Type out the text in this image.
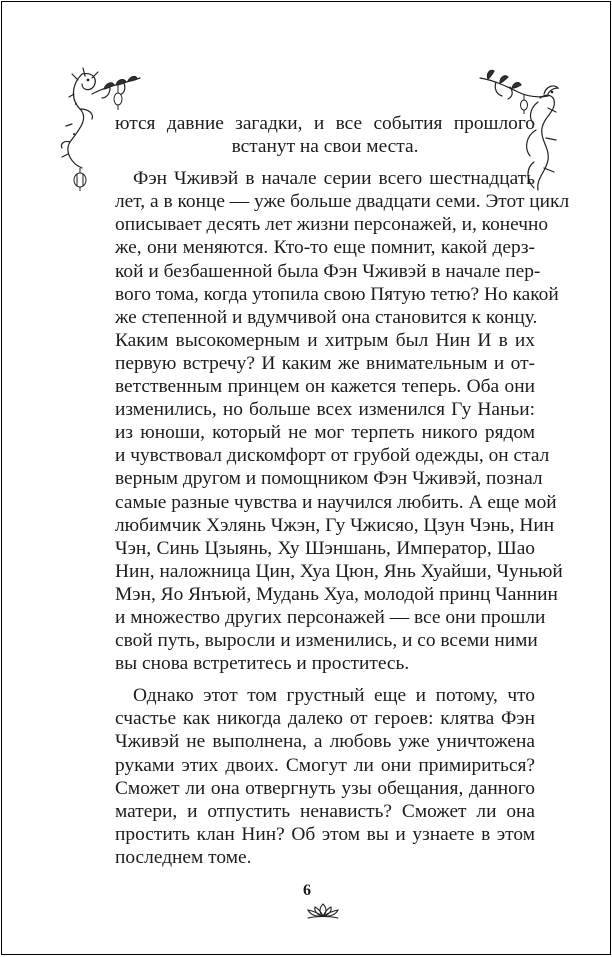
ются давние загадки, и все события прошлого
встанут на свои места.
Фэн Чживэй в начале серии всего шестнадцать
лет, а в конце — уже больше двадцати семи. Этот цикл
описывает десять лет жизни персонажей, и, конечно
же, они меняются. Кто-то еще помнит, какой дерз-
кой и безбашенной была Фэн Чживэй в начале пер-
вого тома, когда утопила свою Пятую тетю? Но какой
же степенной и вдумчивой она становится к концу.
Каким высокомерным и хитрым был Нин И в их
первую встречу? И каким же внимательным и от-
ветственным принцем он кажется теперь. Оба они
изменились, но больше всех изменился Гу Наньи:
из юноши, который не мог терпеть никого рядом
и чувствовал дискомфорт от грубой одежды, он стал
верным другом и помощником Фэн Чживэй, познал
самые разные чувства и научился любить. А еще мой
любимчик Хэлянь Чжэн, Гу Чжисяо, Цзун Чэнь, Нин
Чэн, Синь Цзыянь, Ху Шэншань, Император, Шао
Нин, наложница Цин, Хуа Цюн, Янь Хуайши, Чуньюй
Мэн, Яо Янъюй, Мудань Хуа, молодой принц Чаннин
и множество других персонажей — все они прошли
свой путь, выросли и изменились, и со всеми ними
вы снова встретитесь и проститесь.
Однако этот том грустный еще и потому, что
счастье как никогда далеко от героев: клятва Фэн
Чживэй не выполнена, а любовь уже уничтожена
руками этих двоих. Смогут ли они примириться?
Сможет ли она отвергнуть узы обещания, данного
матери, и отпустить ненависть? Сможет ли она
простить клан Нин? Об этом вы и узнаете в этом
последнем томе.
6
